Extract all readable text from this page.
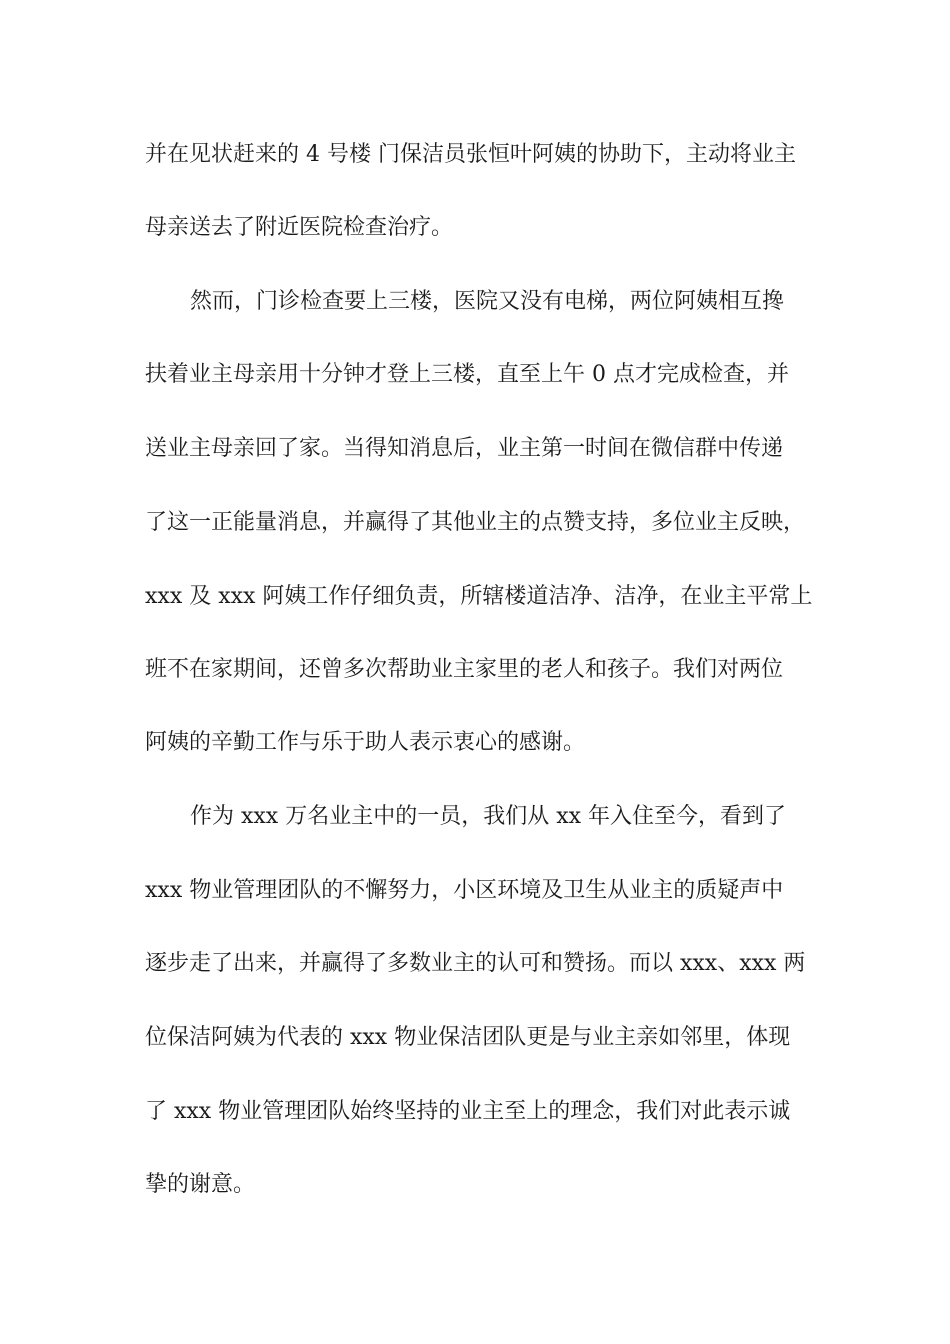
并在见状赶来的 4 号楼 门保洁员张恒叶阿姨的协助下，主动将业主
母亲送去了附近医院检查治疗。
然而，门诊检查要上三楼，医院又没有电梯，两位阿姨相互搀
扶着业主母亲用十分钟才登上三楼，直至上午 0 点才完成检查，并
送业主母亲回了家。当得知消息后，业主第一时间在微信群中传递
了这一正能量消息，并赢得了其他业主的点赞支持，多位业主反映，
xxx 及 xxx 阿姨工作仔细负责，所辖楼道洁净、洁净，在业主平常上
班不在家期间，还曾多次帮助业主家里的老人和孩子。我们对两位
阿姨的辛勤工作与乐于助人表示衷心的感谢。
作为 xxx 万名业主中的一员，我们从 xx 年入住至今，看到了
xxx 物业管理团队的不懈努力，小区环境及卫生从业主的质疑声中
逐步走了出来，并赢得了多数业主的认可和赞扬。而以 xxx、xxx 两
位保洁阿姨为代表的 xxx 物业保洁团队更是与业主亲如邻里，体现
了 xxx 物业管理团队始终坚持的业主至上的理念，我们对此表示诚
挚的谢意。
